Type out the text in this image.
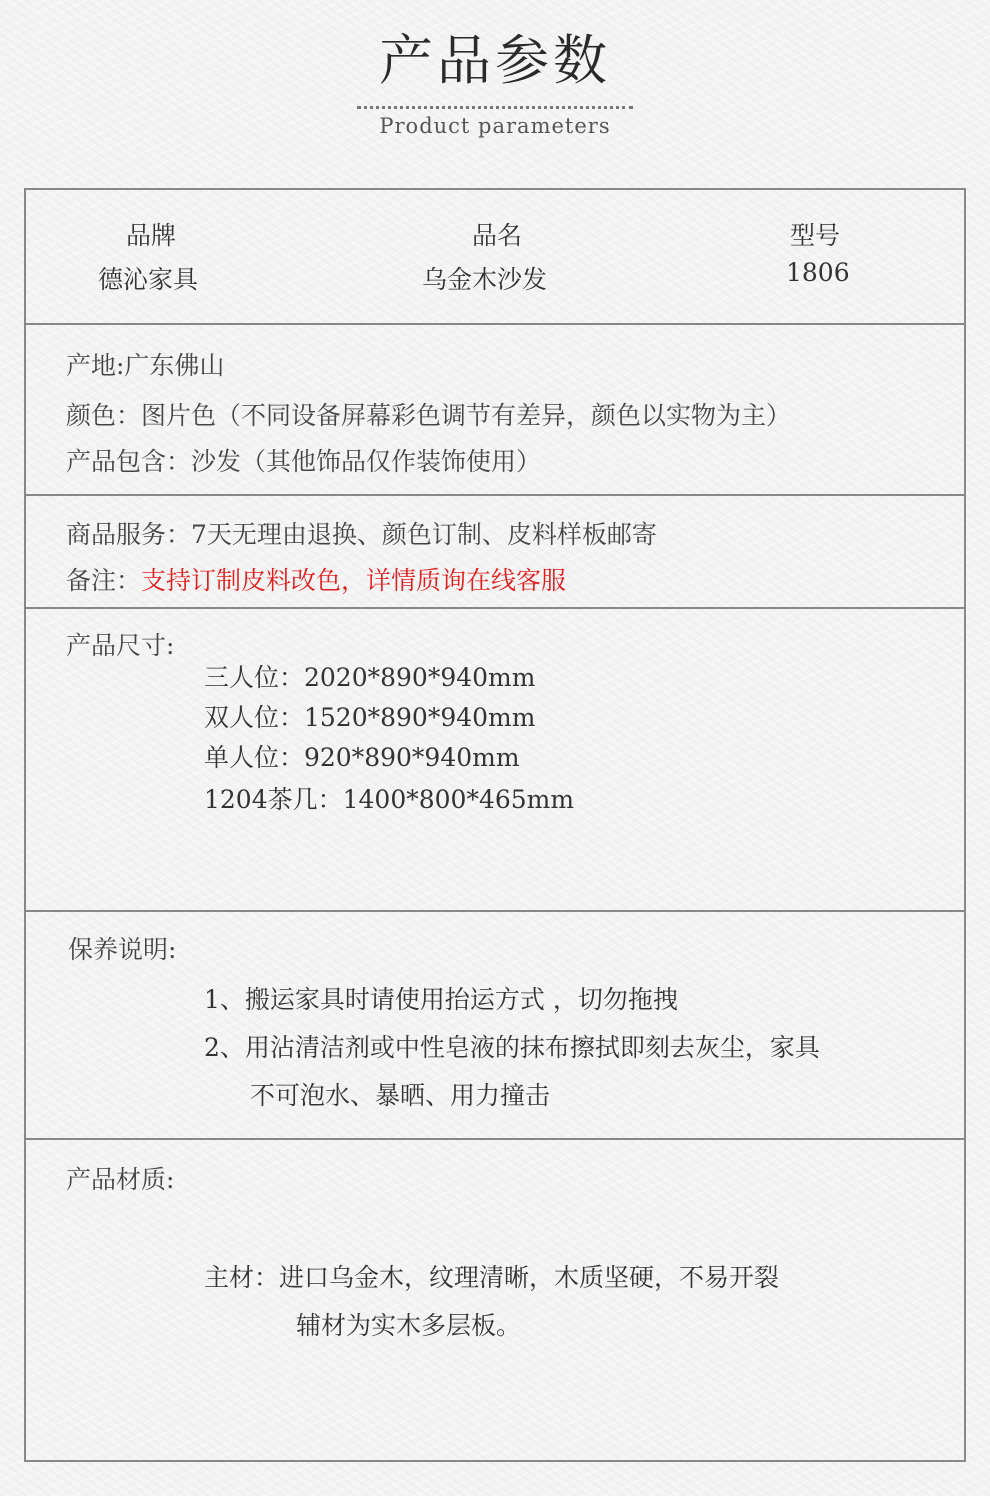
产品参数
Product parameters
品牌
德沁家具
品名
乌金木沙发
型号
1806
产地:广东佛山
颜色：图片色（不同设备屏幕彩色调节有差异，颜色以实物为主）
产品包含：沙发（其他饰品仅作装饰使用）
商品服务：7天无理由退换、颜色订制、皮料样板邮寄
备注：支持订制皮料改色，详情质询在线客服
产品尺寸:
三人位：2020*890*940mm
双人位：1520*890*940mm
单人位：920*890*940mm
1204茶几：1400*800*465mm
保养说明:
1、搬运家具时请使用抬运方式 ，切勿拖拽
2、用沾清洁剂或中性皂液的抹布擦拭即刻去灰尘，家具
不可泡水、暴晒、用力撞击
产品材质:
主材：进口乌金木，纹理清晰，木质坚硬，不易开裂
辅材为实木多层板。
